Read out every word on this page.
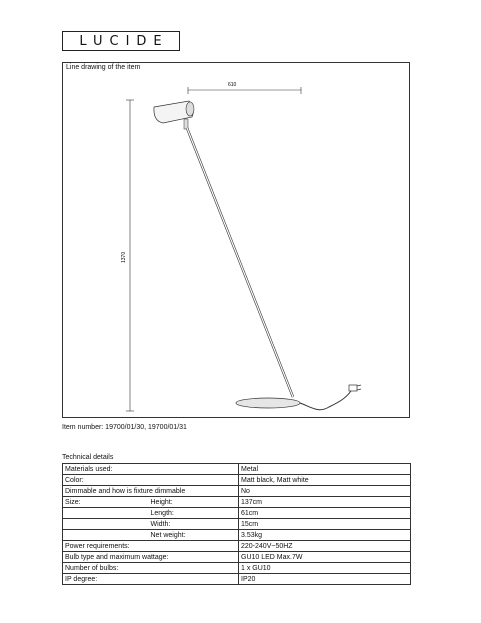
LUCIDE
Line drawing of the item
610
1370
Item number: 19700/01/30, 19700/01/31
Technical details
Materials used:		Metal
Color:		Matt black, Matt white
Dimmable and how is fixture dimmable		No
Size:	Height:	137cm
	Length:	61cm
	Width:	15cm
	Net weight:	3.53kg
Power requirements:		220-240V~50HZ
Bulb type and maximum wattage:		GU10 LED Max.7W
Number of bulbs:		1 x GU10
IP degree:		IP20
